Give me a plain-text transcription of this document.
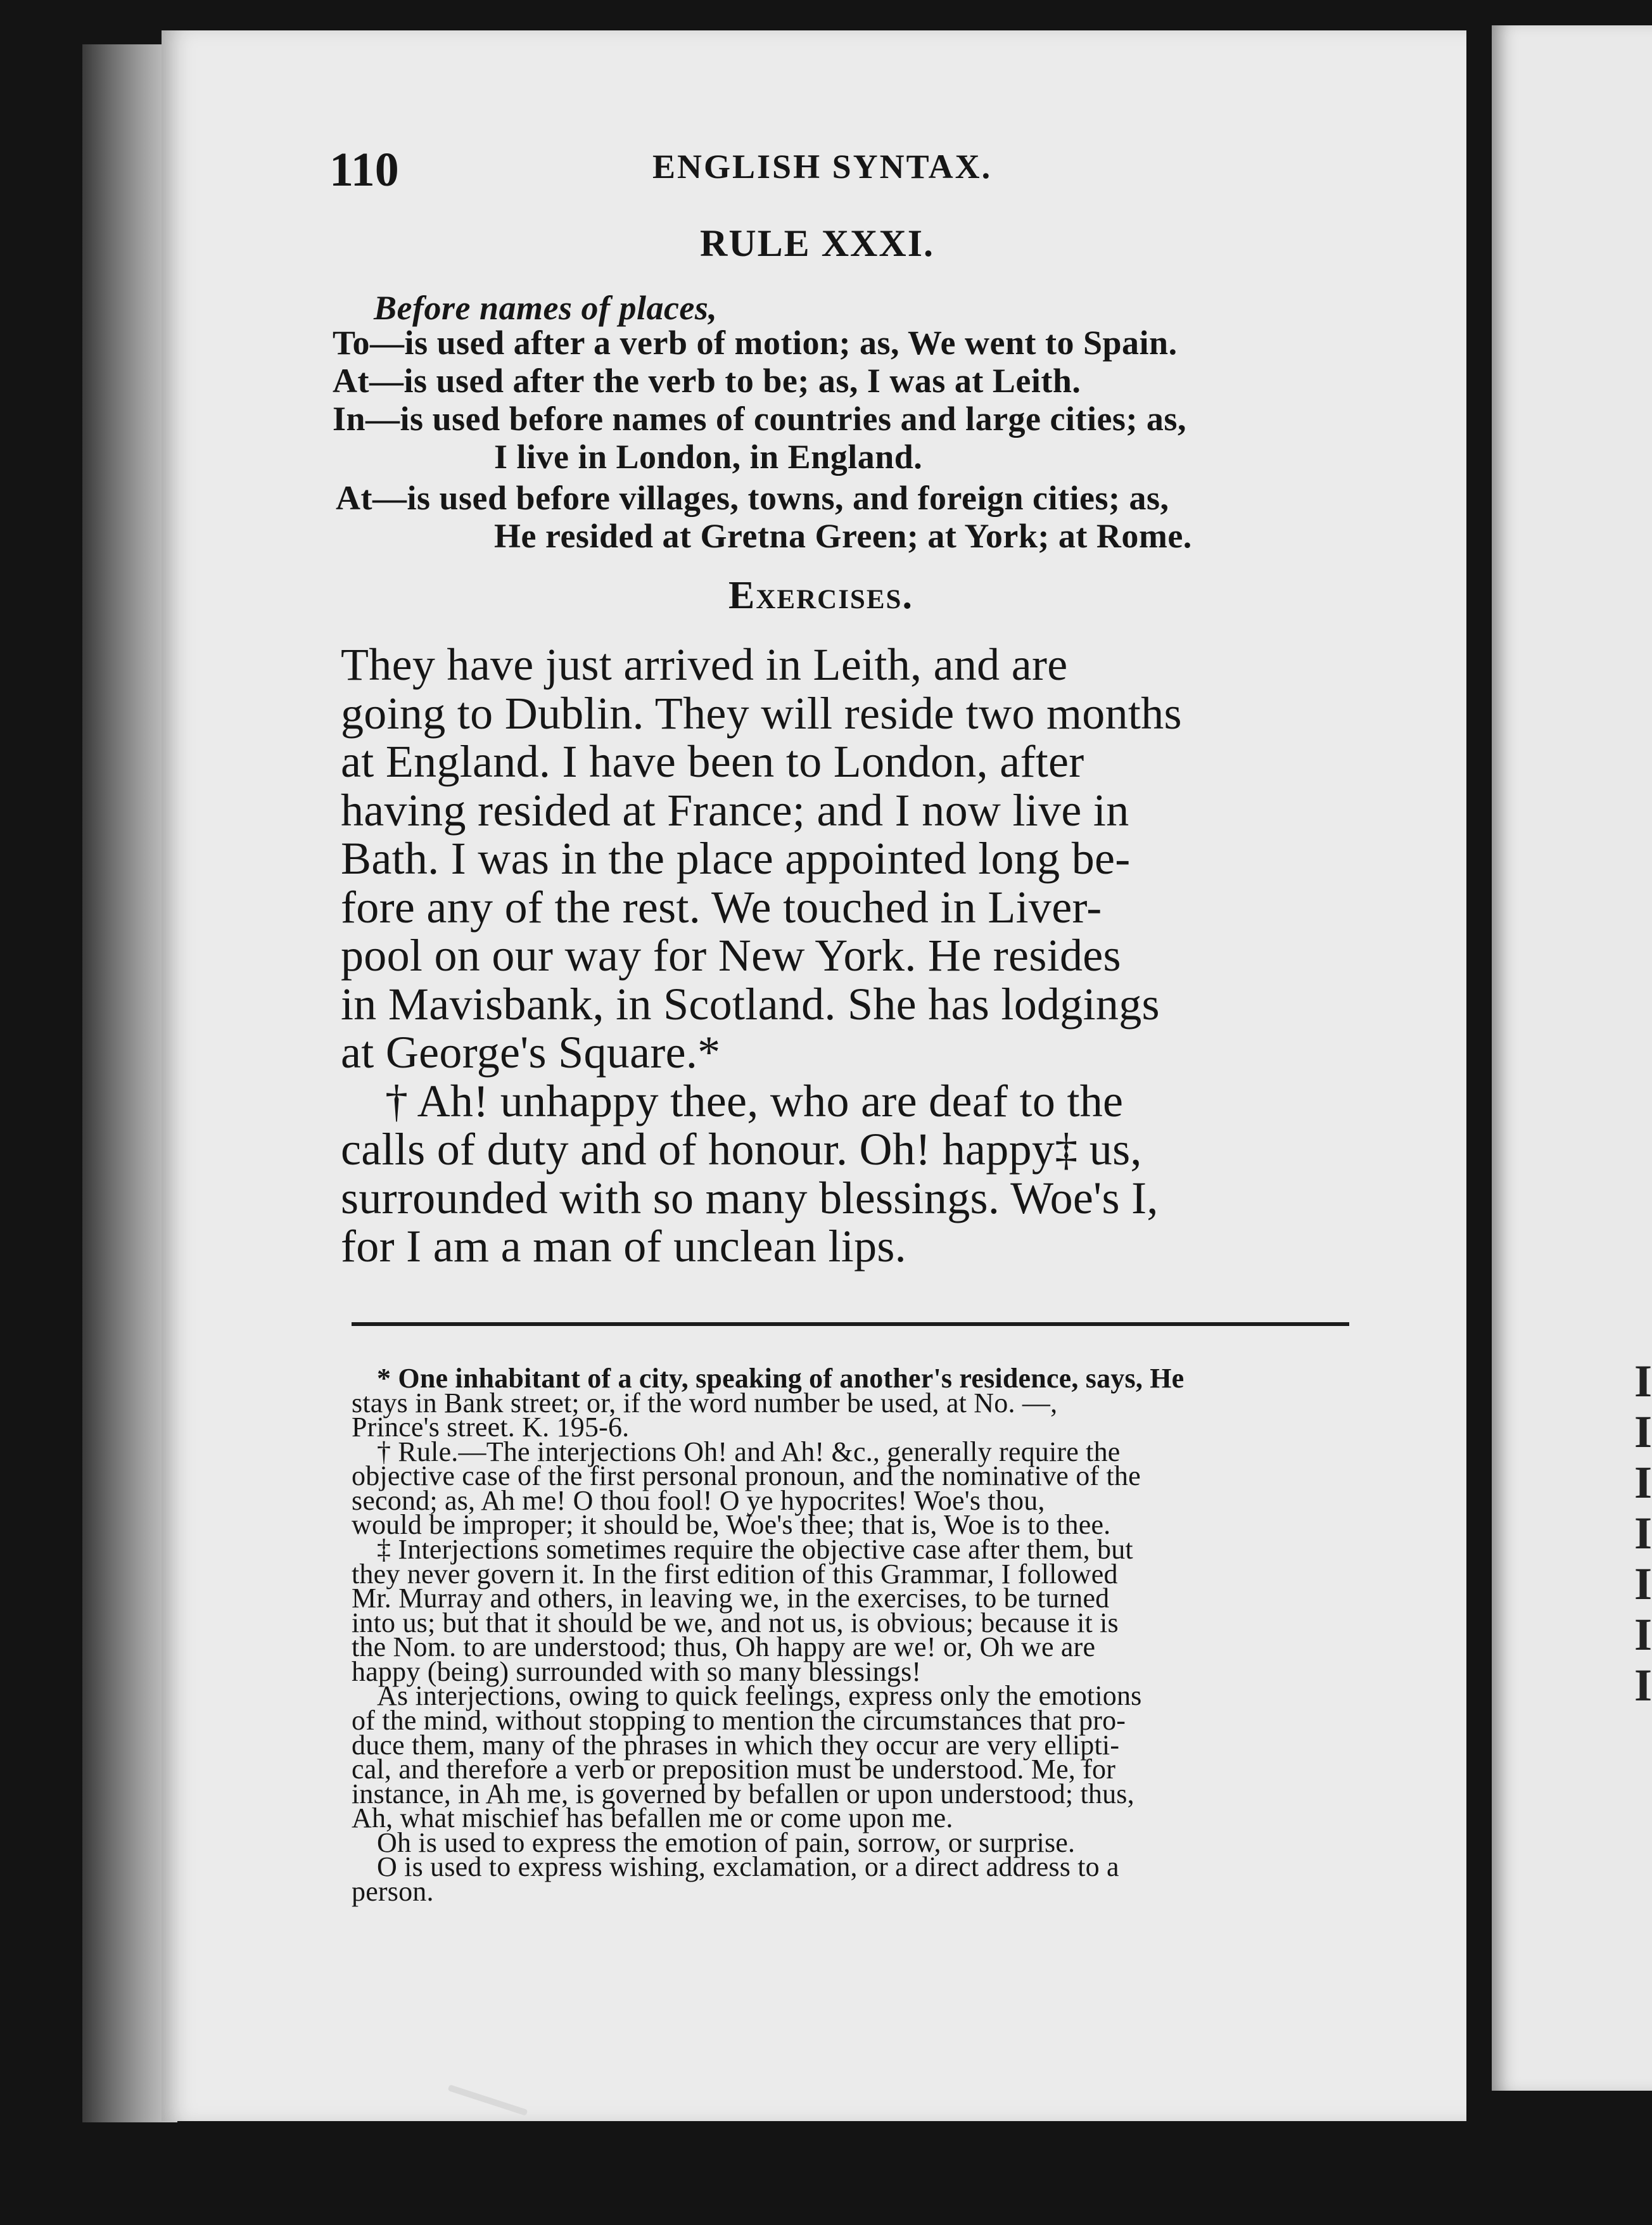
I
I
I
I
I
I
I
110	ENGLISH SYNTAX.
RULE XXXI.
Before names of places,
To—is used after a verb of motion; as, We went to Spain.
At—is used after the verb to be; as, I was at Leith.
In—is used before names of countries and large cities; as,
I live in London, in England.
At—is used before villages, towns, and foreign cities; as,
He resided at Gretna Green; at York; at Rome.
Exercises.
They have just arrived in Leith, and are
going to Dublin. They will reside two months
at England. I have been to London, after
having resided at France; and I now live in
Bath. I was in the place appointed long be-
fore any of the rest. We touched in Liver-
pool on our way for New York. He resides
in Mavisbank, in Scotland. She has lodgings
at George's Square.*
† Ah! unhappy thee, who are deaf to the
calls of duty and of honour. Oh! happy‡ us,
surrounded with so many blessings. Woe's I,
for I am a man of unclean lips.
* One inhabitant of a city, speaking of another's residence, says, He
stays in Bank street; or, if the word number be used, at No. —,
Prince's street. K. 195-6.
† Rule.—The interjections Oh! and Ah! &c., generally require the
objective case of the first personal pronoun, and the nominative of the
second; as, Ah me! O thou fool! O ye hypocrites! Woe's thou,
would be improper; it should be, Woe's thee; that is, Woe is to thee.
‡ Interjections sometimes require the objective case after them, but
they never govern it. In the first edition of this Grammar, I followed
Mr. Murray and others, in leaving we, in the exercises, to be turned
into us; but that it should be we, and not us, is obvious; because it is
the Nom. to are understood; thus, Oh happy are we! or, Oh we are
happy (being) surrounded with so many blessings!
As interjections, owing to quick feelings, express only the emotions
of the mind, without stopping to mention the circumstances that pro-
duce them, many of the phrases in which they occur are very ellipti-
cal, and therefore a verb or preposition must be understood. Me, for
instance, in Ah me, is governed by befallen or upon understood; thus,
Ah, what mischief has befallen me or come upon me.
Oh is used to express the emotion of pain, sorrow, or surprise.
O is used to express wishing, exclamation, or a direct address to a
person.
